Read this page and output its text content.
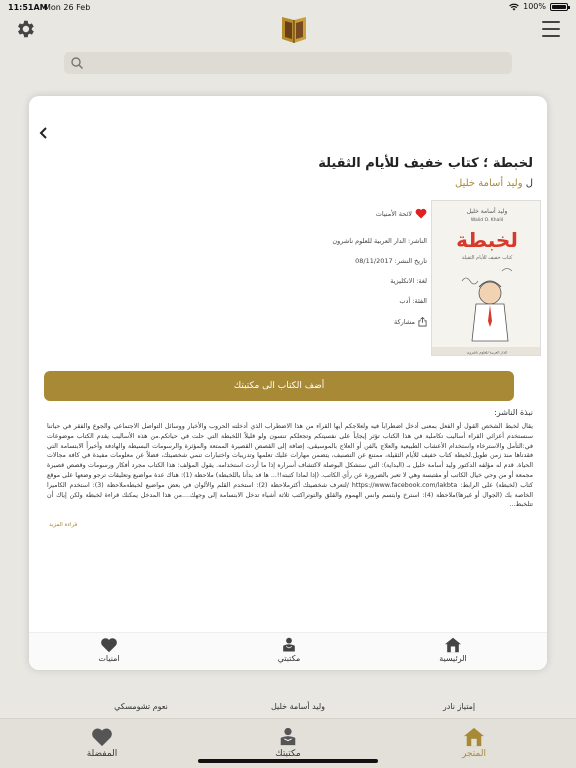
11:51AM
Mon 26 Feb	100%
نعوم تشومسكي	وليد أسامة خليل	إمتياز نادر
المفضلة	مكتبتك	المتجر
لخبطة ؛ كتاب خفيف للأيام الثقيلة
ل وليد أسامة خليل
وليد أسامة خليل
Walid O. Khalil
لخبطة
كتاب خفيف للأيام الثقيلة
الدار العربية للعلوم ناشرون
لائحة الأمنيات
الناشر: الدار العربية للعلوم ناشرون
تاريخ النشر: 08/11/2017
لغة: الانكليزية
الفئة: أدب
مشاركة
أضف الكتاب الى مكتبتك
نبذة الناشر:
يقال لخبط الشخص القول أو الفعل بمعنى أدخل اضطراباً فيه ولعلاجكم أيها القراء من هذا الاضطراب الذي أدخلته الحروب والأخبار ووسائل التواصل الاجتماعي والجوع والفقر في حياتنا سنستخدم أعزائي القراء أساليب تكاملية في هذا الكتاب تؤثر إيجاباً على نفسيتكم وتجعلكم تنسون ولو قليلاً اللخبطة التي حلت في حياتكم.من هذه الأساليب يقدم الكتاب موضوعات في:التأمل والاسترخاء واستخدام الأعشاب الطبيعية والعلاج بالفن أو العلاج بالموسيقى، إضافة إلى القصص القصيرة الممتعة والمؤثرة والرسومات البسيطة والهادفة وأخيراً الابتسامة التي فقدناها منذ زمن طويل.لخبطة كتاب خفيف للأيام الثقيلة، ممتنع عن التصنيف، يتضمن مهارات عليك تعلمها وتدريبات واختبارات تنمي شخصيتك، فضلاً عن معلومات مفيدة في كافة مجالات الحياة. قدم له مؤلفه الدكتور وليد أسامة خليل بـ (البداية): التي ستشكل البوصلة لاكتشاف أسراره إذا ما أردت استخدامه. يقول المؤلف: هذا الكتاب مجرد أفكار ورسومات وقصص قصيرة مجمعة أو من وحي خيال الكاتب أو مقتبسة وهي لا تعبر بالضرورة عن رأي الكاتب. (إذا لماذا كتبته!!... ها قد بدأنا باللخبطة) ملاحظة (1): هناك عدة مواضيع وتعليقات ترجو وضعها على موقع كتاب (لخبطة) على الرابط: https://www.facebook.com/lakbta /لتعرف شخصيتك أكثرملاحظة (2): استخدم القلم والألوان في بعض مواضيع لخبطةملاحظة (3): استخدم الكاميرا الخاصة بك (الجوال أو غيرها)ملاحظة (4): استرخ وابتسم وانس الهموم والقلق والتوتراكتب ثلاثة أشياء تدخل الابتسامة إلى وجهك....من هذا المدخل يمكنك قراءة لخبطة ولكن إياك أن تتلخبط...
قراءة المزيد
امنيات	مكتبتي	الرئيسية
